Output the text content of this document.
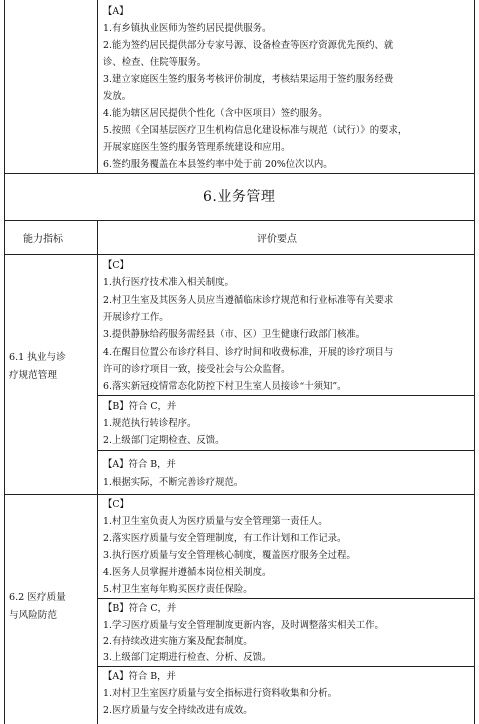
【A】
1.有乡镇执业医师为签约居民提供服务。
2.能为签约居民提供部分专家号源、设备检查等医疗资源优先预约、就
诊、检查、住院等服务。
3.建立家庭医生签约服务考核评价制度，考核结果运用于签约服务经费
发放。
4.能为辖区居民提供个性化（含中医项目）签约服务。
5.按照《全国基层医疗卫生机构信息化建设标准与规范（试行）》的要求，
开展家庭医生签约服务管理系统建设和应用。
6.签约服务覆盖在本县签约率中处于前 20%位次以内。
6.业务管理
能力指标	评价要点
6.1 执业与诊
疗规范管理
【C】
1.执行医疗技术准入相关制度。
2.村卫生室及其医务人员应当遵循临床诊疗规范和行业标准等有关要求
开展诊疗工作。
3.提供静脉给药服务需经县（市、区）卫生健康行政部门核准。
4.在醒目位置公布诊疗科目、诊疗时间和收费标准，开展的诊疗项目与
许可的诊疗项目一致，接受社会与公众监督。
6.落实新冠疫情常态化防控下村卫生室人员接诊“十须知”。
【B】符合 C，并
1.规范执行转诊程序。
2.上级部门定期检查、反馈。
【A】符合 B，并
1.根据实际，不断完善诊疗规范。
6.2 医疗质量
与风险防范
【C】
1.村卫生室负责人为医疗质量与安全管理第一责任人。
2.落实医疗质量与安全管理制度，有工作计划和工作记录。
3.执行医疗质量与安全管理核心制度，覆盖医疗服务全过程。
4.医务人员掌握并遵循本岗位相关制度。
5.村卫生室每年购买医疗责任保险。
【B】符合 C，并
1.学习医疗质量与安全管理制度更新内容，及时调整落实相关工作。
2.有持续改进实施方案及配套制度。
3.上级部门定期进行检查、分析、反馈。
【A】符合 B，并
1.对村卫生室医疗质量与安全指标进行资料收集和分析。
2.医疗质量与安全持续改进有成效。
